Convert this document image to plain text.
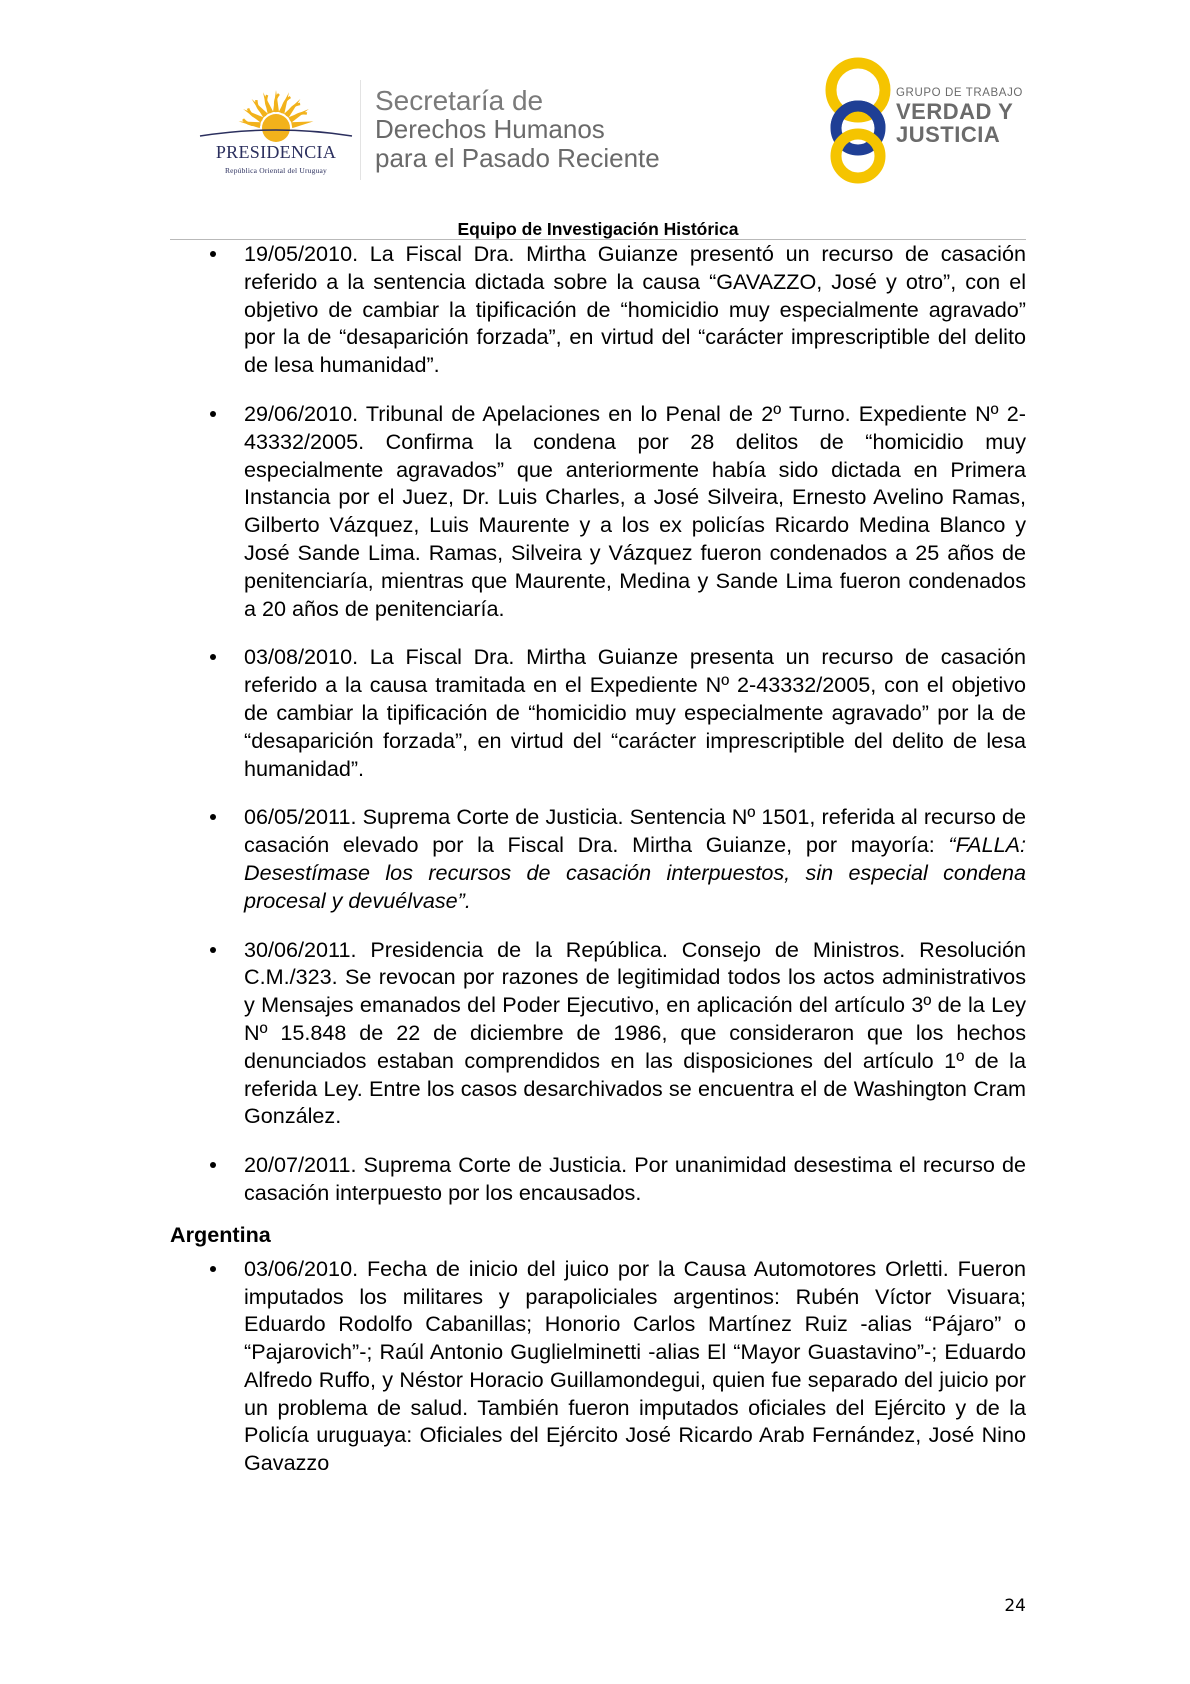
PRESIDENCIA
República Oriental del Uruguay
Secretaría de
Derechos Humanos
para el Pasado Reciente
GRUPO DE TRABAJO
VERDAD Y
JUSTICIA
Equipo de Investigación Histórica
19/05/2010. La Fiscal Dra. Mirtha Guianze presentó un recurso de casación referido a la sentencia dictada sobre la causa “GAVAZZO, José y otro”, con el objetivo de cambiar la tipificación de “homicidio muy especialmente agravado” por la de “desaparición forzada”, en virtud del “carácter imprescriptible del delito de lesa humanidad”.
29/06/2010. Tribunal de Apelaciones en lo Penal de 2º Turno. Expediente Nº 2-43332/2005. Confirma la condena por 28 delitos de “homicidio muy especialmente agravados” que anteriormente había sido dictada en Primera Instancia por el Juez, Dr. Luis Charles, a José Silveira, Ernesto Avelino Ramas, Gilberto Vázquez, Luis Maurente y a los ex policías Ricardo Medina Blanco y José Sande Lima. Ramas, Silveira y Vázquez fueron condenados a 25 años de penitenciaría, mientras que Maurente, Medina y Sande Lima fueron condenados a 20 años de penitenciaría.
03/08/2010. La Fiscal Dra. Mirtha Guianze presenta un recurso de casación referido a la causa tramitada en el Expediente Nº 2-43332/2005, con el objetivo de cambiar la tipificación de “homicidio muy especialmente agravado” por la de “desaparición forzada”, en virtud del “carácter imprescriptible del delito de lesa humanidad”.
06/05/2011. Suprema Corte de Justicia. Sentencia Nº 1501, referida al recurso de casación elevado por la Fiscal Dra. Mirtha Guianze, por mayoría: “FALLA: Desestímase los recursos de casación interpuestos, sin especial condena procesal y devuélvase”.
30/06/2011. Presidencia de la República. Consejo de Ministros. Resolución C.M./323. Se revocan por razones de legitimidad todos los actos administrativos y Mensajes emanados del Poder Ejecutivo, en aplicación del artículo 3º de la Ley Nº 15.848 de 22 de diciembre de 1986, que consideraron que los hechos denunciados estaban comprendidos en las disposiciones del artículo 1º de la referida Ley. Entre los casos desarchivados se encuentra el de Washington Cram González.
20/07/2011. Suprema Corte de Justicia. Por unanimidad desestima el recurso de casación interpuesto por los encausados.
Argentina
03/06/2010. Fecha de inicio del juico por la Causa Automotores Orletti. Fueron imputados los militares y parapoliciales argentinos: Rubén Víctor Visuara; Eduardo Rodolfo Cabanillas; Honorio Carlos Martínez Ruiz -alias “Pájaro” o “Pajarovich”-; Raúl Antonio Guglielminetti -alias El “Mayor Guastavino”-; Eduardo Alfredo Ruffo, y Néstor Horacio Guillamondegui, quien fue separado del juicio por un problema de salud. También fueron imputados oficiales del Ejército y de la Policía uruguaya: Oficiales del Ejército José Ricardo Arab Fernández, José Nino Gavazzo
24
